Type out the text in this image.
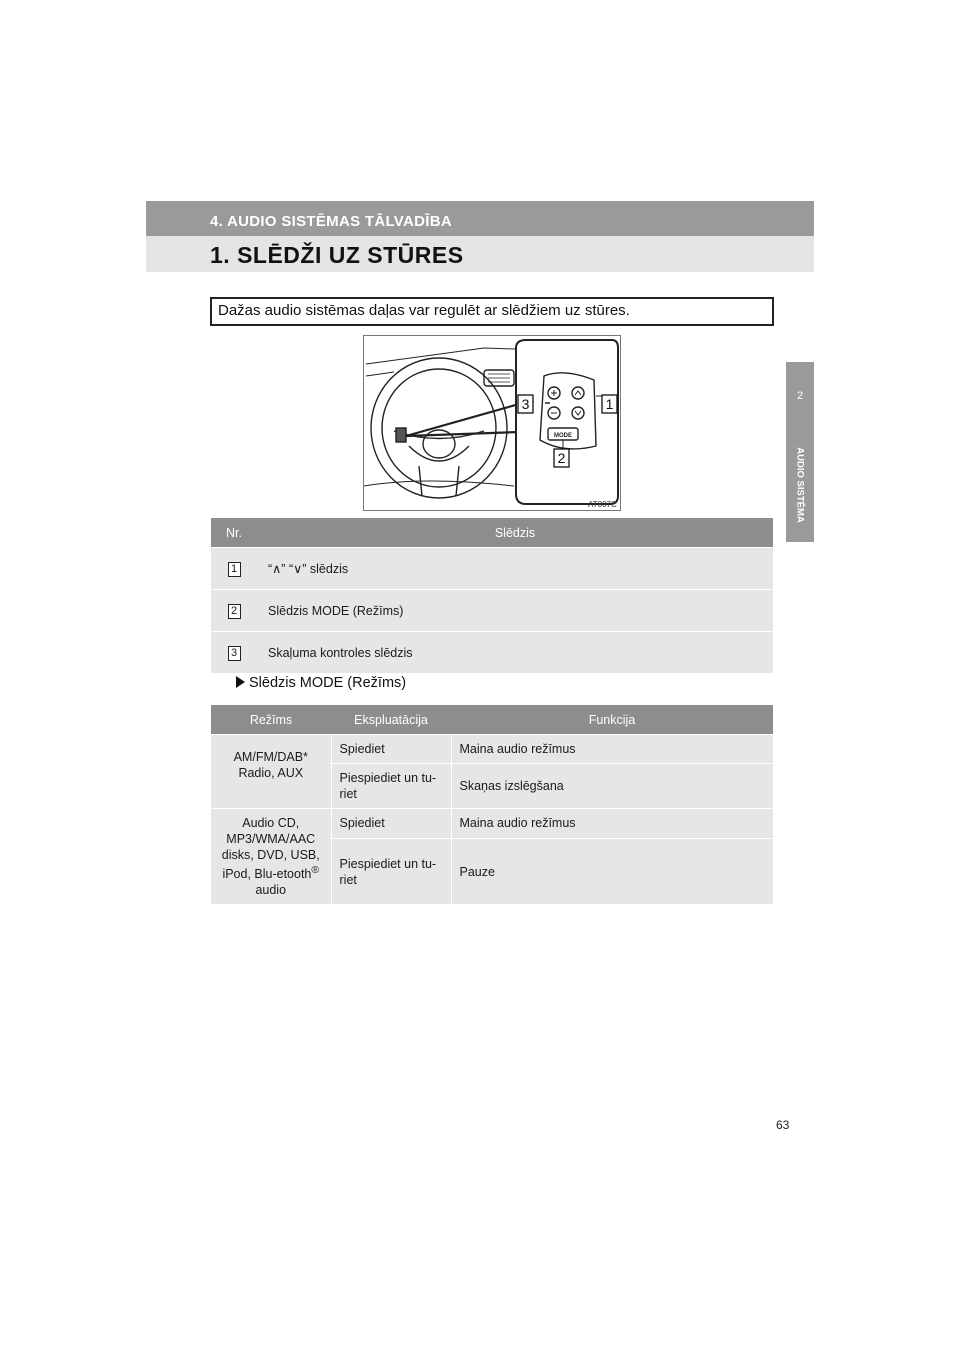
4. AUDIO SISTĒMAS TĀLVADĪBA
1. SLĒDŽI UZ STŪRES
2
AUDIO SISTĒMA
Dažas audio sistēmas daļas var regulēt ar slēdžiem uz stūres.
MODE
3	1
2
AT007C
Nr.	Slēdzis
1	“∧” “∨” slēdzis
2	Slēdzis MODE (Režīms)
3	Skaļuma kontroles slēdzis
Slēdzis MODE (Režīms)
Režīms	Ekspluatācija	Funkcija
AM/FM/DAB* Radio, AUX	Spiediet	Maina audio režīmus
	Piespiediet un tu-riet	Skaņas izslēgšana
Audio CD, MP3/WMA/AAC disks, DVD, USB, iPod, Blu-etooth® audio	Spiediet	Maina audio režīmus
	Piespiediet un tu-riet	Pauze
63
